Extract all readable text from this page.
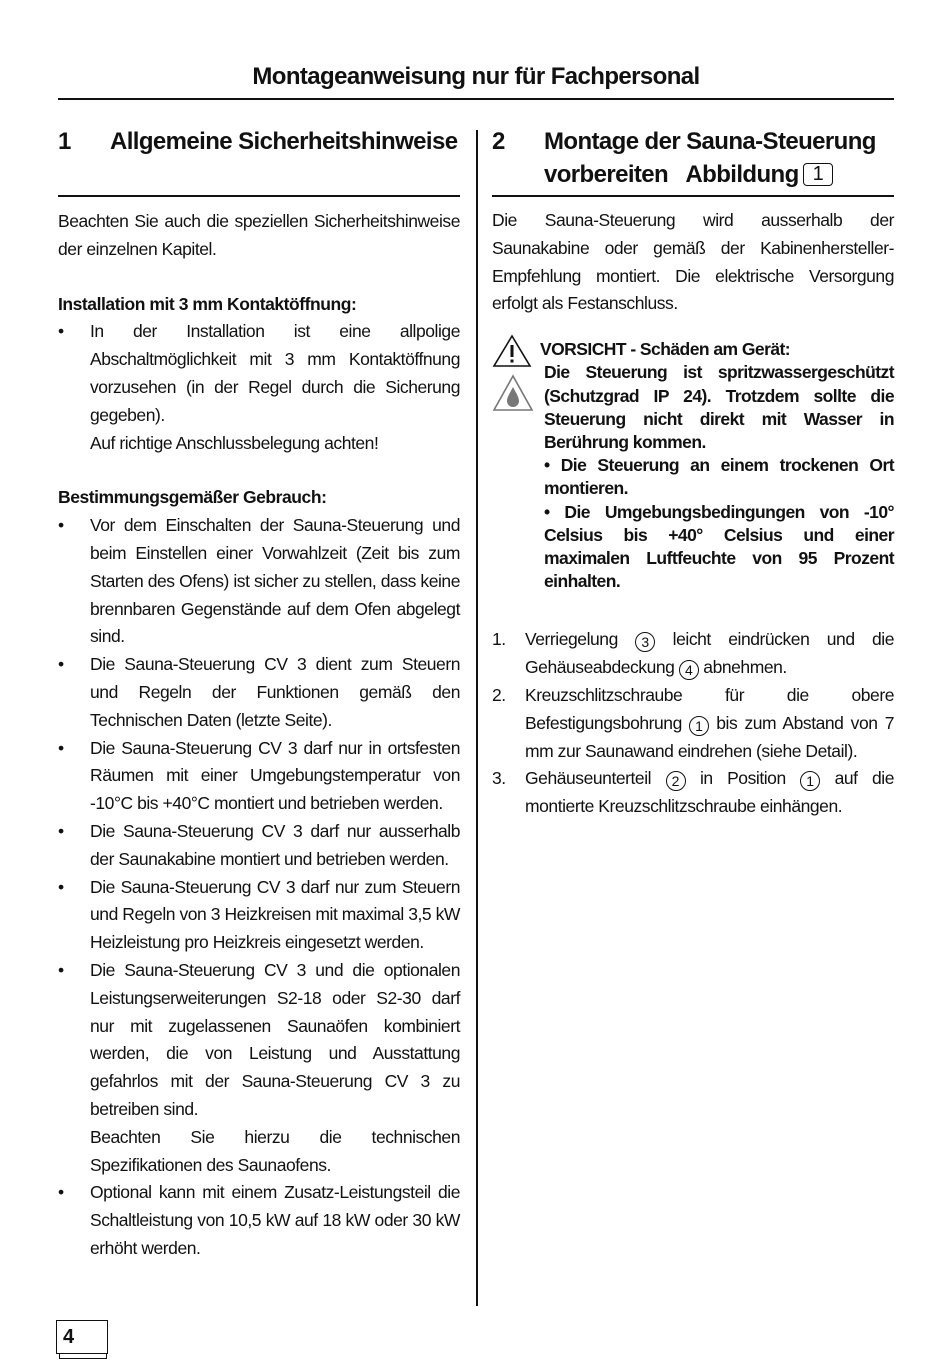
Montageanweisung nur für Fachpersonal
1	Allgemeine Sicherheitshinweise

Beachten Sie auch die speziellen Sicherheitshinweise der einzelnen Kapitel.

Installation mit 3 mm Kontaktöffnung:

• In der Installation ist eine allpolige Abschaltmöglichkeit mit 3 mm Kontaktöffnung vorzusehen (in der Regel durch die Sicherung gegeben).
Auf richtige Anschlussbelegung achten!

Bestimmungsgemäßer Gebrauch:

• Vor dem Einschalten der Sauna-Steuerung und beim Einstellen einer Vorwahlzeit (Zeit bis zum Starten des Ofens) ist sicher zu stellen, dass keine brennbaren Gegenstände auf dem Ofen abgelegt sind.
• Die Sauna-Steuerung CV 3 dient zum Steuern und Regeln der Funktionen gemäß den Technischen Daten (letzte Seite).
• Die Sauna-Steuerung CV 3 darf nur in ortsfesten Räumen mit einer Umgebungstemperatur von -10°C bis +40°C montiert und betrieben werden.
• Die Sauna-Steuerung CV 3 darf nur ausserhalb der Saunakabine montiert und betrieben werden.
• Die Sauna-Steuerung CV 3 darf nur zum Steuern und Regeln von 3 Heizkreisen mit maximal 3,5 kW Heizleistung pro Heizkreis eingesetzt werden.
• Die Sauna-Steuerung CV 3 und die optionalen Leistungserweiterungen S2-18 oder S2-30 darf nur mit zugelassenen Saunaöfen kombiniert werden, die von Leistung und Ausstattung gefahrlos mit der Sauna-Steuerung CV 3 zu betreiben sind.
Beachten Sie hierzu die technischen Spezifikationen des Saunaofens.
• Optional kann mit einem Zusatz-Leistungsteil die Schaltleistung von 10,5 kW auf 18 kW oder 30 kW erhöht werden.
2	Montage der Sauna-Steuerung
vorbereiten   Abbildung 1

Die Sauna-Steuerung wird ausserhalb der Saunakabine oder gemäß der Kabinenhersteller-Empfehlung montiert. Die elektrische Versorgung erfolgt als Festanschluss.

VORSICHT - Schäden am Gerät:

Die Steuerung ist spritzwassergeschützt (Schutzgrad IP 24). Trotzdem sollte die Steuerung nicht direkt mit Wasser in Berührung kommen.

• Die Steuerung an einem trockenen Ort montieren.

• Die Umgebungsbedingungen von -10° Celsius bis +40° Celsius und einer maximalen Luftfeuchte von 95 Prozent einhalten.

1. Verriegelung 3 leicht eindrücken und die Gehäuseabdeckung 4 abnehmen.
2. Kreuzschlitzschraube für die obere Befestigungsbohrung 1 bis zum Abstand von 7 mm zur Saunawand eindrehen (siehe Detail).
3. Gehäuseunterteil 2 in Position 1 auf die montierte Kreuzschlitzschraube einhängen.
4
